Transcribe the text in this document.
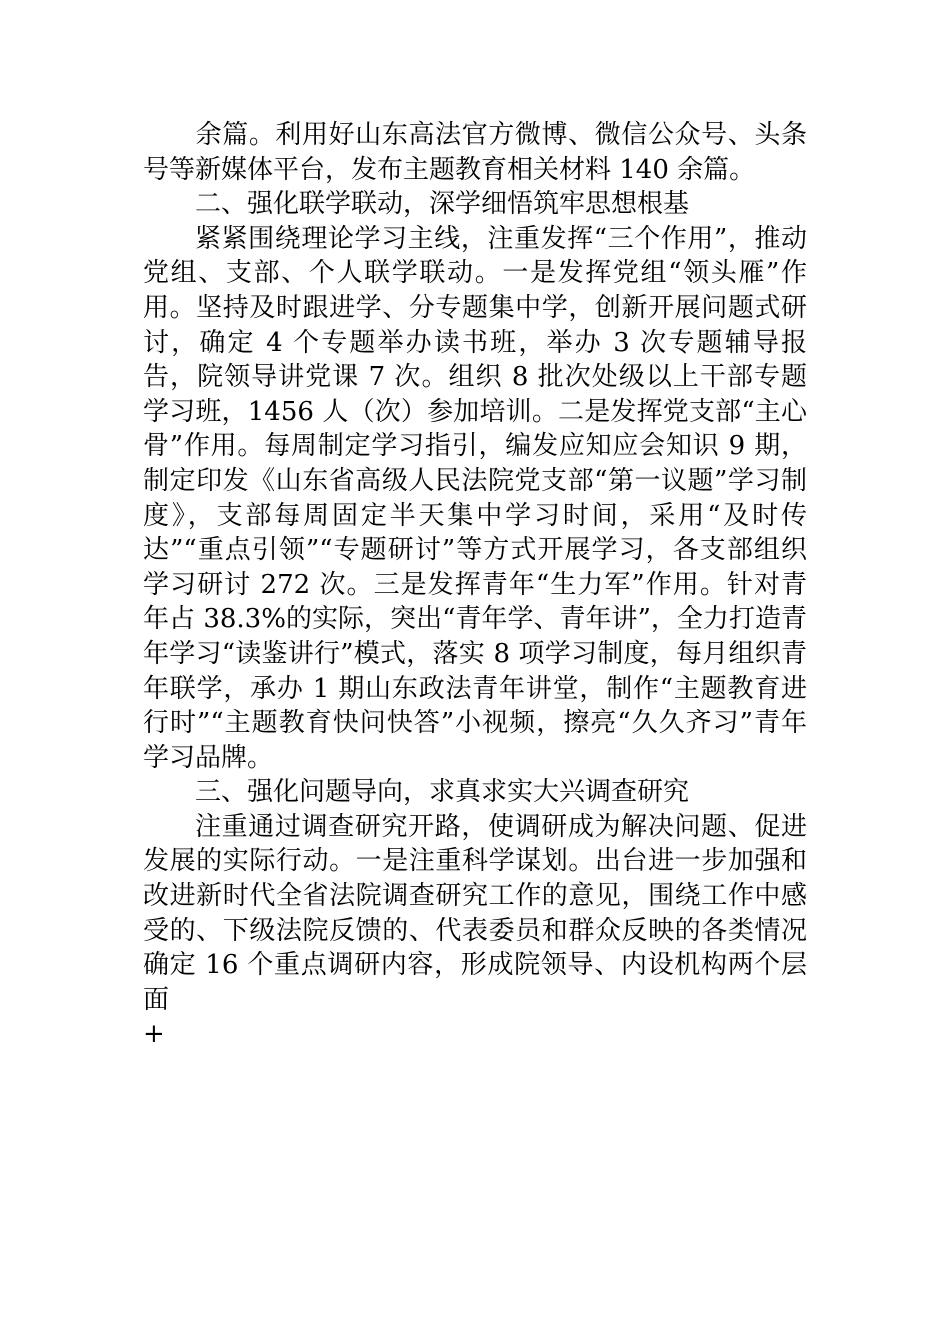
余篇。利用好山东高法官方微博、微信公众号、头条号等新媒体平台，发布主题教育相关材料 140 余篇。

二、强化联学联动，深学细悟筑牢思想根基

紧紧围绕理论学习主线，注重发挥“三个作用”，推动党组、支部、个人联学联动。一是发挥党组“领头雁”作用。坚持及时跟进学、分专题集中学，创新开展问题式研讨，确定 4 个专题举办读书班，举办 3 次专题辅导报告，院领导讲党课 7 次。组织 8 批次处级以上干部专题学习班，1456 人（次）参加培训。二是发挥党支部“主心骨”作用。每周制定学习指引，编发应知应会知识 9 期，制定印发《山东省高级人民法院党支部“第一议题”学习制度》，支部每周固定半天集中学习时间，采用“及时传达”“重点引领”“专题研讨”等方式开展学习，各支部组织学习研讨 272 次。三是发挥青年“生力军”作用。针对青年占 38.3%的实际，突出“青年学、青年讲”，全力打造青年学习“读鉴讲行”模式，落实 8 项学习制度，每月组织青年联学，承办 1 期山东政法青年讲堂，制作“主题教育进行时”“主题教育快问快答”小视频，擦亮“久久齐习”青年学习品牌。

三、强化问题导向，求真求实大兴调查研究

注重通过调查研究开路，使调研成为解决问题、促进发展的实际行动。一是注重科学谋划。出台进一步加强和改进新时代全省法院调查研究工作的意见，围绕工作中感受的、下级法院反馈的、代表委员和群众反映的各类情况确定 16 个重点调研内容，形成院领导、内设机构两个层面

+
